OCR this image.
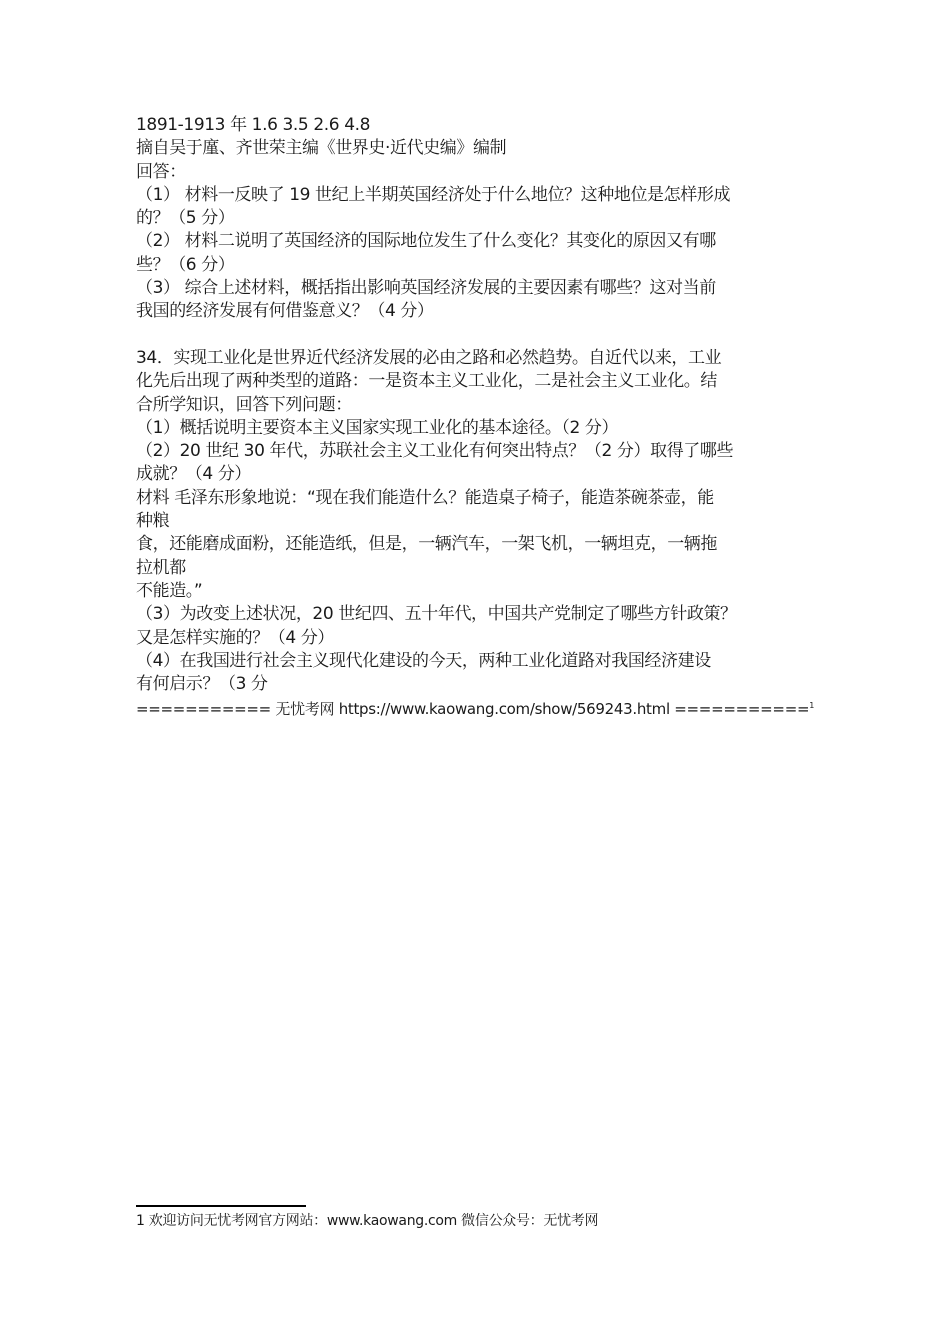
1891-1913 年 1.6 3.5 2.6 4.8
摘自吴于廑、齐世荣主编《世界史·近代史编》编制
回答：
（1） 材料一反映了 19 世纪上半期英国经济处于什么地位？这种地位是怎样形成
的？（5 分）
（2） 材料二说明了英国经济的国际地位发生了什么变化？其变化的原因又有哪
些？（6 分）
（3） 综合上述材料，概括指出影响英国经济发展的主要因素有哪些？这对当前
我国的经济发展有何借鉴意义？（4 分）
34．实现工业化是世界近代经济发展的必由之路和必然趋势。自近代以来，工业
化先后出现了两种类型的道路：一是资本主义工业化，二是社会主义工业化。结
合所学知识，回答下列问题：
（1）概括说明主要资本主义国家实现工业化的基本途径。（2 分）
（2）20 世纪 30 年代，苏联社会主义工业化有何突出特点？（2 分）取得了哪些
成就？（4 分）
材料 毛泽东形象地说：“现在我们能造什么？能造桌子椅子，能造茶碗茶壶，能
种粮
食，还能磨成面粉，还能造纸，但是，一辆汽车，一架飞机，一辆坦克，一辆拖
拉机都
不能造。”
（3）为改变上述状况，20 世纪四、五十年代，中国共产党制定了哪些方针政策？
又是怎样实施的？（4 分）
（4）在我国进行社会主义现代化建设的今天，两种工业化道路对我国经济建设
有何启示？（3 分
=========== 无忧考网 https://www.kaowang.com/show/569243.html ===========$^1$
1 欢迎访问无忧考网官方网站：www.kaowang.com 微信公众号：无忧考网
